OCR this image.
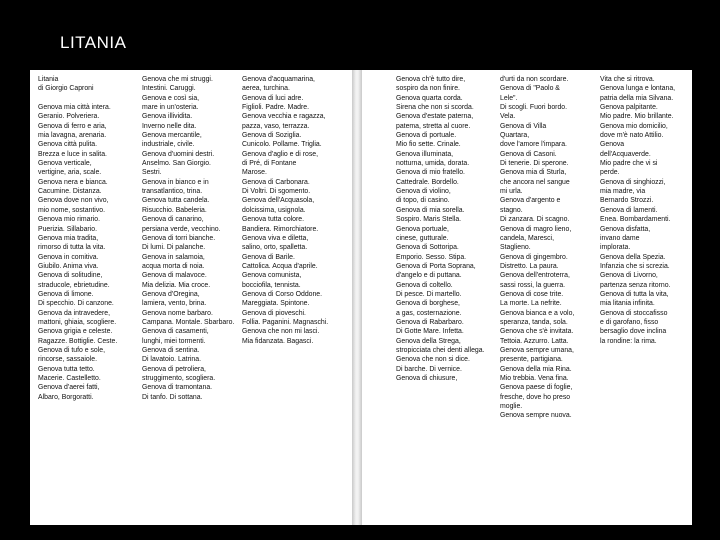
LITANIA
Litania
di Giorgio Caproni
Genova mia città intera.
Geranio. Polveriera.
Genova di ferro e aria,
mia lavagna, arenaria.
Genova città pulita.
Brezza e luce in salita.
Genova verticale,
vertigine, aria, scale.
Genova nera e bianca.
Cacumine. Distanza.
Genova dove non vivo,
mio nome, sostantivo.
Genova mio rimario.
Puerizia. Sillabario.
Genova mia tradita,
rimorso di tutta la vita.
Genova in comitiva.
Giubilo. Anima viva.
Genova di solitudine,
straducole, ebrietudine.
Genova di limone.
Di specchio. Di canzone.
Genova da intravedere,
mattoni, ghiaia, scogliere.
Genova grigia e celeste.
Ragazze. Bottiglie. Ceste.
Genova di tufo e sole,
rincorse, sassaiole.
Genova tutta tetto.
Macerie. Castelletto.
Genova d'aerei fatti,
Albaro, Borgoratti.
Genova che mi struggi.
Intestini. Caruggi.
Genova e così sia,
mare in un'osteria.
Genova illividita.
Inverno nelle dita.
Genova mercantile,
industriale, civile.
Genova d'uomini destri.
Anselmo. San Giorgio.
Sestri.
Genova in bianco e in
transatlantico, trina.
Genova tutta candela.
Risucchio. Babeleria.
Genova di canarino,
persiana verde, vecchino.
Genova di torri bianche.
Di lumi. Di palanche.
Genova in salamoia,
acqua morta di noia.
Genova di malavoce.
Mia delizia. Mia croce.
Genova d'Oregina,
lamiera, vento, brina.
Genova nome barbaro.
Campana. Montale. Sbarbaro.
Genova di casamenti,
lunghi, miei tormenti.
Genova di sentina.
Di lavatoio. Latrina.
Genova di petroliera,
struggimento, scogliera.
Genova di tramontana.
Di tanfo. Di sottana.
Genova d'acquamarina,
aerea, turchina.
Genova di luci adre.
Figlioli. Padre. Madre.
Genova vecchia e ragazza,
pazza, vaso, terrazza.
Genova di Soziglia.
Cunicolo. Pollame. Triglia.
Genova d'aglio e di rose,
di Pré, di Fontane
Marose.
Genova di Carbonara.
Di Voltri. Di sgomento.
Genova dell'Acquasola,
dolcissima, usignola.
Genova tutta colore.
Bandiera. Rimorchiatore.
Genova viva e diletta,
salino, orto, spalletta.
Genova di Barile.
Cattolica. Acqua d'aprile.
Genova comunista,
bocciofila, tennista.
Genova di Corso Oddone.
Mareggiata. Spintone.
Genova di pioveschi.
Follia. Paganini. Magnaschi.
Genova che non mi lasci.
Mia fidanzata. Bagasci.
Genova ch'è tutto dire,
sospiro da non finire.
Genova quarta corda.
Sirena che non si scorda.
Genova d'estate paterna,
patema, stretta al cuore.
Genova di portuale.
Mio fio sette. Crinale.
Genova illuminata,
notturna, umida, dorata.
Genova di mio fratello.
Cattedrale. Bordello.
Genova di violino,
di topo, di casino.
Genova di mia sorella.
Sospiro. Maris Stella.
Genova portuale,
cinese, gutturale.
Genova di Sottoripa.
Emporio. Sesso. Stipa.
Genova di Porta Soprana,
d'angelo e di puttana.
Genova di coltello.
Di pesce. Di martello.
Genova di borghese,
a gas, costernazione.
Genova di Rabarbaro.
Di Gotte Mare. Infetta.
Genova della Strega,
stropicciata chei denti allega.
Genova che non si dice.
Di barche. Di vernice.
Genova di chiusure,
d'urti da non scordare.
Genova di "Paolo &
Lele".
Di scogli. Fuori bordo.
Vela.
Genova di Villa
Quartara,
dove l'amore l'impara.
Genova di Casoni.
Di tenerie. Di sperone.
Genova mia di Sturla,
che ancora nel sangue
mi urla.
Genova d'argento e
stagno.
Di zanzara. Di scagno.
Genova di magro lieno,
candela, Maresci,
Staglieno.
Genova di gingembro.
Distretto. La paura.
Genova dell'entroterra,
sassi rossi, la guerra.
Genova di cose trite.
La morte. La nefrite.
Genova bianca e a volo,
speranza, tanda, sola.
Genova che s'è invitata.
Tettoia. Azzurro. Latta.
Genova sempre umana,
presente, partigiana.
Genova della mia Rina.
Mio trebbia. Vena fina.
Genova paese di foglie,
fresche, dove ho preso
moglie.
Genova sempre nuova.
Vita che si ritrova.
Genova lunga e lontana,
patria della mia Silvana.
Genova palpitante.
Mio padre. Mio brillante.
Genova mio domicilio,
dove m'è nato Attilio.
Genova
dell'Acquaverde.
Mio padre che vi si
perde.
Genova di singhiozzi,
mia madre, via
Bernardo Strozzi.
Genova di lamenti.
Enea. Bombardamenti.
Genova disfatta,
invano dame
implorata.
Genova della Spezia.
Infanzia che si screzia.
Genova di Livorno,
partenza senza ritorno.
Genova di tutta la vita,
mia litania infinita.
Genova di stoccafisso
e di garofano, fisso
bersaglio dove inclina
la rondine: la rima.
